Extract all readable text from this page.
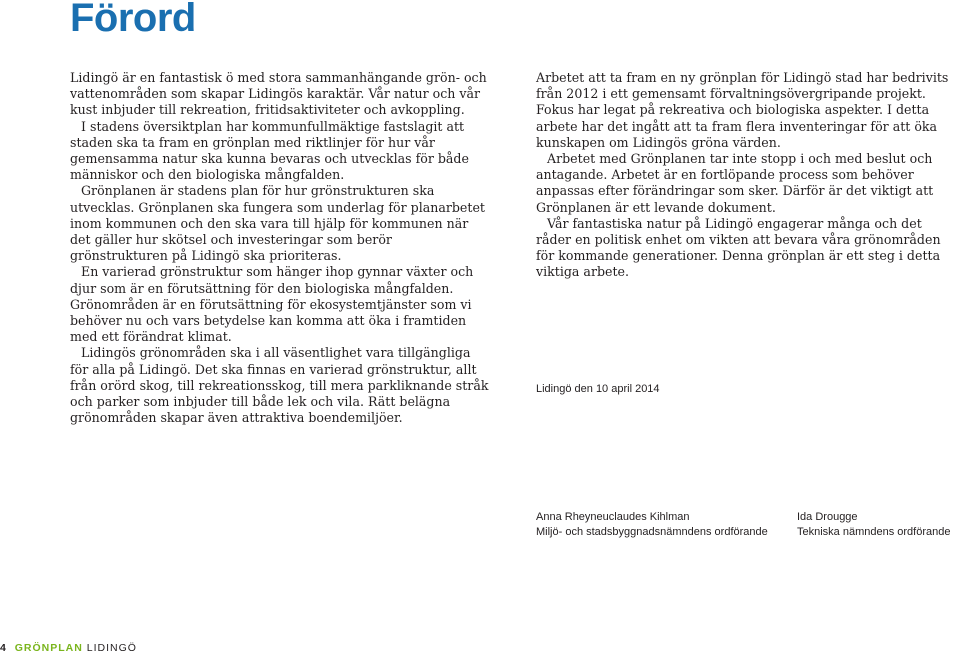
Förord

Lidingö är en fantastisk ö med stora sammanhängande grön- och vattenområden som skapar Lidingös karaktär. Vår natur och vår kust inbjuder till rekreation, fritidsaktiviteter och avkoppling.

I stadens översiktplan har kommunfullmäktige fastslagit att staden ska ta fram en grönplan med riktlinjer för hur vår gemensamma natur ska kunna bevaras och utvecklas för både människor och den biologiska mångfalden.

Grönplanen är stadens plan för hur grönstrukturen ska utvecklas. Grönplanen ska fungera som underlag för planarbetet inom kommunen och den ska vara till hjälp för kommunen när det gäller hur skötsel och investeringar som berör grönstrukturen på Lidingö ska prioriteras.

En varierad grönstruktur som hänger ihop gynnar växter och djur som är en förutsättning för den biologiska mångfalden. Grönområden är en förutsättning för ekosystemtjänster som vi behöver nu och vars betydelse kan komma att öka i framtiden med ett förändrat klimat.

Lidingös grönområden ska i all väsentlighet vara tillgängliga för alla på Lidingö. Det ska finnas en varierad grönstruktur, allt från orörd skog, till rekreationsskog, till mera parkliknande stråk och parker som inbjuder till både lek och vila. Rätt belägna grönområden skapar även attraktiva boendemiljöer.

Arbetet att ta fram en ny grönplan för Lidingö stad har bedrivits från 2012 i ett gemensamt förvaltningsövergripande projekt. Fokus har legat på rekreativa och biologiska aspekter. I detta arbete har det ingått att ta fram flera inventeringar för att öka kunskapen om Lidingös gröna värden.

Arbetet med Grönplanen tar inte stopp i och med beslut och antagande. Arbetet är en fortlöpande process som behöver anpassas efter förändringar som sker. Därför är det viktigt att Grönplanen är ett levande dokument.

Vår fantastiska natur på Lidingö engagerar många och det råder en politisk enhet om vikten att bevara våra grönområden för kommande generationer. Denna grönplan är ett steg i detta viktiga arbete.

Lidingö den 10 april 2014
Anna Rheyneuclaudes Kihlman
Miljö- och stadsbyggnadsnämndens ordförande
Ida Drougge
Tekniska nämndens ordförande
4 GRÖNPLAN LIDINGÖ
